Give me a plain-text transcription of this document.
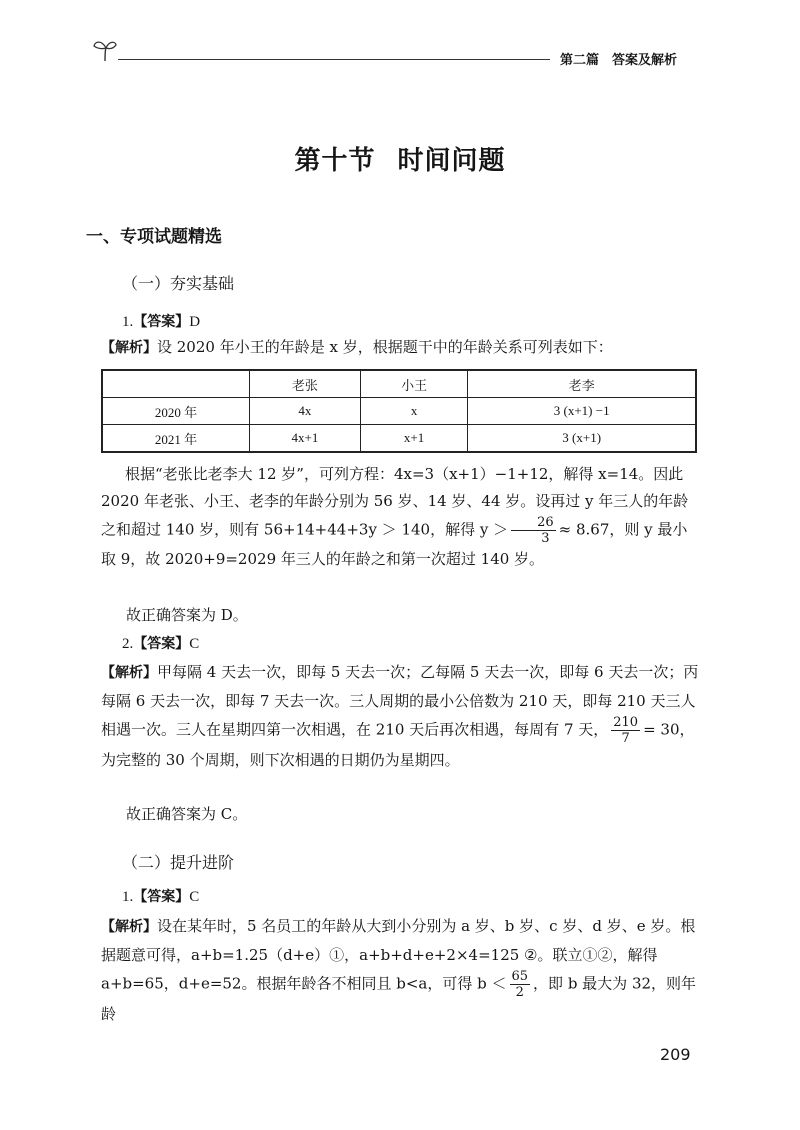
第二篇　答案及解析
第十节 时间问题
一、专项试题精选
（一）夯实基础
1.【答案】D
【解析】设 2020 年小王的年龄是 x 岁，根据题干中的年龄关系可列表如下：
	老张	小王	老李
2020 年	4x	x	3 (x+1) −1
2021 年	4x+1	x+1	3 (x+1)
根据“老张比老李大 12 岁”，可列方程：4x=3（x+1）−1+12，解得 x=14。因此 2020 年老张、小王、老李的年龄分别为 56 岁、14 岁、44 岁。设再过 y 年三人的年龄之和超过 140 岁，则有 56+14+44+3y ＞ 140，解得 $y > \frac{26}{3} \approx 8.67$，则 y 最小取 9，故 2020+9=2029 年三人的年龄之和第一次超过 140 岁。
故正确答案为 D。
2.【答案】C
【解析】甲每隔 4 天去一次，即每 5 天去一次；乙每隔 5 天去一次，即每 6 天去一次；丙每隔 6 天去一次，即每 7 天去一次。三人周期的最小公倍数为 210 天，即每 210 天三人相遇一次。三人在星期四第一次相遇，在 210 天后再次相遇，每周有 7 天， $\frac{210}{7} = 30$，为完整的 30 个周期，则下次相遇的日期仍为星期四。
故正确答案为 C。
（二）提升进阶
1.【答案】C
【解析】设在某年时，5 名员工的年龄从大到小分别为 a 岁、b 岁、c 岁、d 岁、e 岁。根据题意可得，a+b=1.25（d+e）①，a+b+d+e+2×4=125 ②。联立①②，解得 a+b=65，d+e=52。根据年龄各不相同且 b<a，可得 $b < \frac{65}{2}$ ，即 b 最大为 32，则年龄
209
